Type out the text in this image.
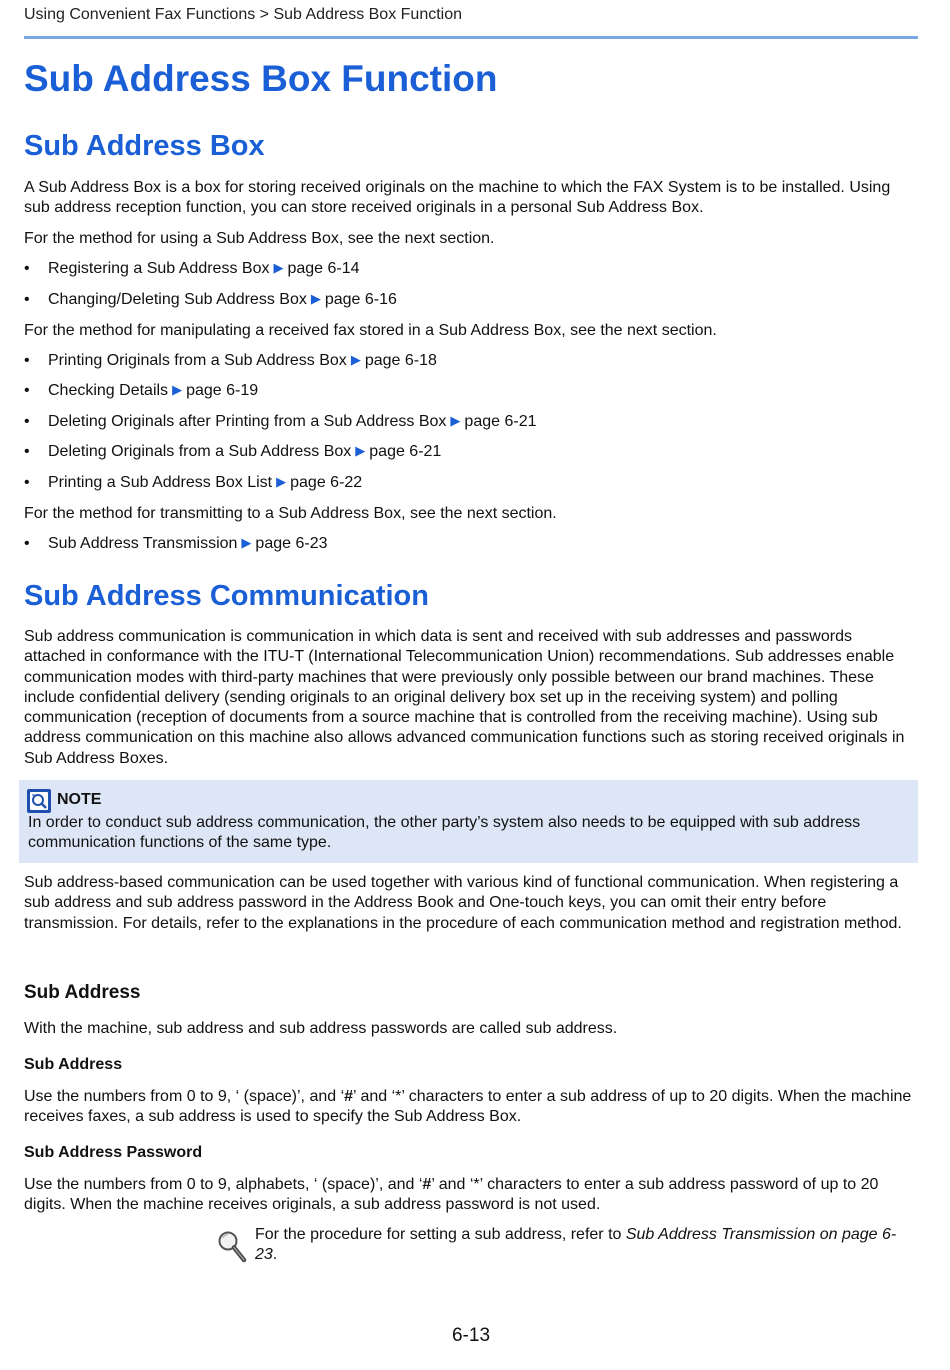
Using Convenient Fax Functions > Sub Address Box Function
Sub Address Box Function
Sub Address Box
A Sub Address Box is a box for storing received originals on the machine to which the FAX System is to be installed. Using sub address reception function, you can store received originals in a personal Sub Address Box.
For the method for using a Sub Address Box, see the next section.
• Registering a Sub Address Box ▶ page 6-14
• Changing/Deleting Sub Address Box ▶ page 6-16
For the method for manipulating a received fax stored in a Sub Address Box, see the next section.
• Printing Originals from a Sub Address Box ▶ page 6-18
• Checking Details ▶ page 6-19
• Deleting Originals after Printing from a Sub Address Box ▶ page 6-21
• Deleting Originals from a Sub Address Box ▶ page 6-21
• Printing a Sub Address Box List ▶ page 6-22
For the method for transmitting to a Sub Address Box, see the next section.
• Sub Address Transmission ▶ page 6-23
Sub Address Communication
Sub address communication is communication in which data is sent and received with sub addresses and passwords attached in conformance with the ITU-T (International Telecommunication Union) recommendations. Sub addresses enable communication modes with third-party machines that were previously only possible between our brand machines. These include confidential delivery (sending originals to an original delivery box set up in the receiving system) and polling communication (reception of documents from a source machine that is controlled from the receiving machine). Using sub address communication on this machine also allows advanced communication functions such as storing received originals in Sub Address Boxes.
NOTE
In order to conduct sub address communication, the other party’s system also needs to be equipped with sub address communication functions of the same type.
Sub address-based communication can be used together with various kind of functional communication. When registering a sub address and sub address password in the Address Book and One-touch keys, you can omit their entry before transmission. For details, refer to the explanations in the procedure of each communication method and registration method.
Sub Address
With the machine, sub address and sub address passwords are called sub address.
Sub Address
Use the numbers from 0 to 9, ‘ (space)’, and ‘#’ and ‘*’ characters to enter a sub address of up to 20 digits. When the machine receives faxes, a sub address is used to specify the Sub Address Box.
Sub Address Password
Use the numbers from 0 to 9, alphabets, ‘ (space)’, and ‘#’ and ‘*’ characters to enter a sub address password of up to 20 digits. When the machine receives originals, a sub address password is not used.
For the procedure for setting a sub address, refer to Sub Address Transmission on page 6-23.
6-13
